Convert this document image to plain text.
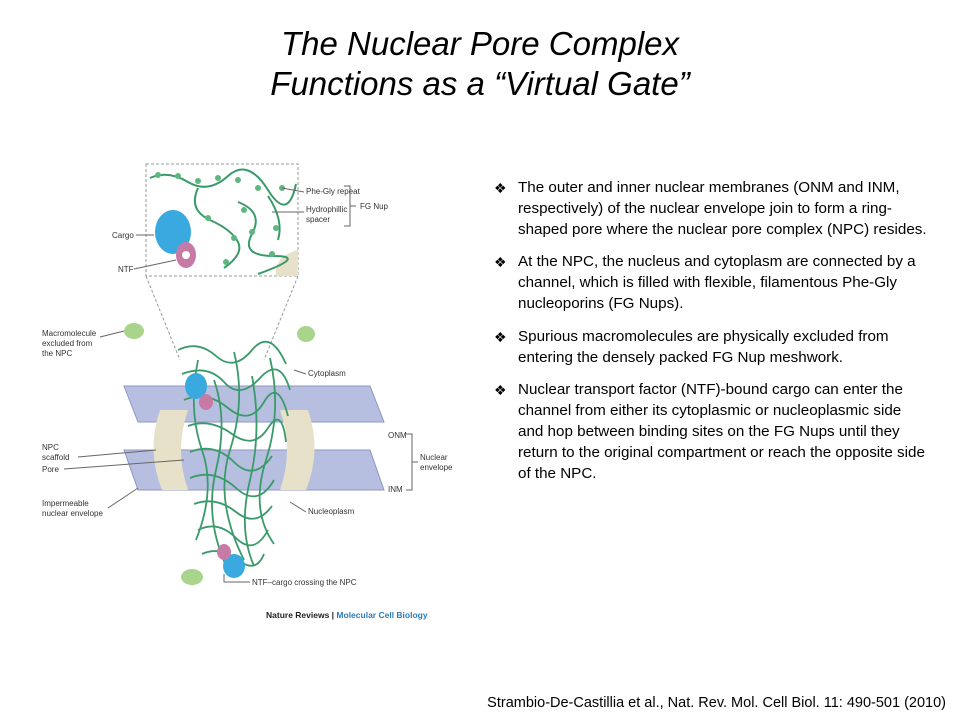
The Nuclear Pore Complex
Functions as a “Virtual Gate”
Phe-Gly repeat
Hydrophillic
spacer
FG Nup
Cargo
NTF
Macromolecule
excluded from
the NPC
NPC
scaffold
Pore
Impermeable
nuclear envelope
Cytoplasm
ONM
INM
Nuclear
envelope
Nucleoplasm
NTF–cargo crossing the NPC
Nature Reviews | Molecular Cell Biology
❖ The outer and inner nuclear membranes (ONM and INM, respectively) of the nuclear envelope join to form a ring-shaped pore where the nuclear pore complex (NPC) resides.
❖ At the NPC, the nucleus and cytoplasm are connected by a channel, which is filled with flexible, filamentous Phe-Gly nucleoporins (FG Nups).
❖ Spurious macromolecules are physically excluded from entering the densely packed FG Nup meshwork.
❖ Nuclear transport factor (NTF)-bound cargo can enter the channel from either its cytoplasmic or nucleoplasmic side and hop between binding sites on the FG Nups until they return to the original compartment or reach the opposite side of the NPC.
Strambio-De-Castillia et al., Nat. Rev. Mol. Cell Biol. 11: 490-501 (2010)
